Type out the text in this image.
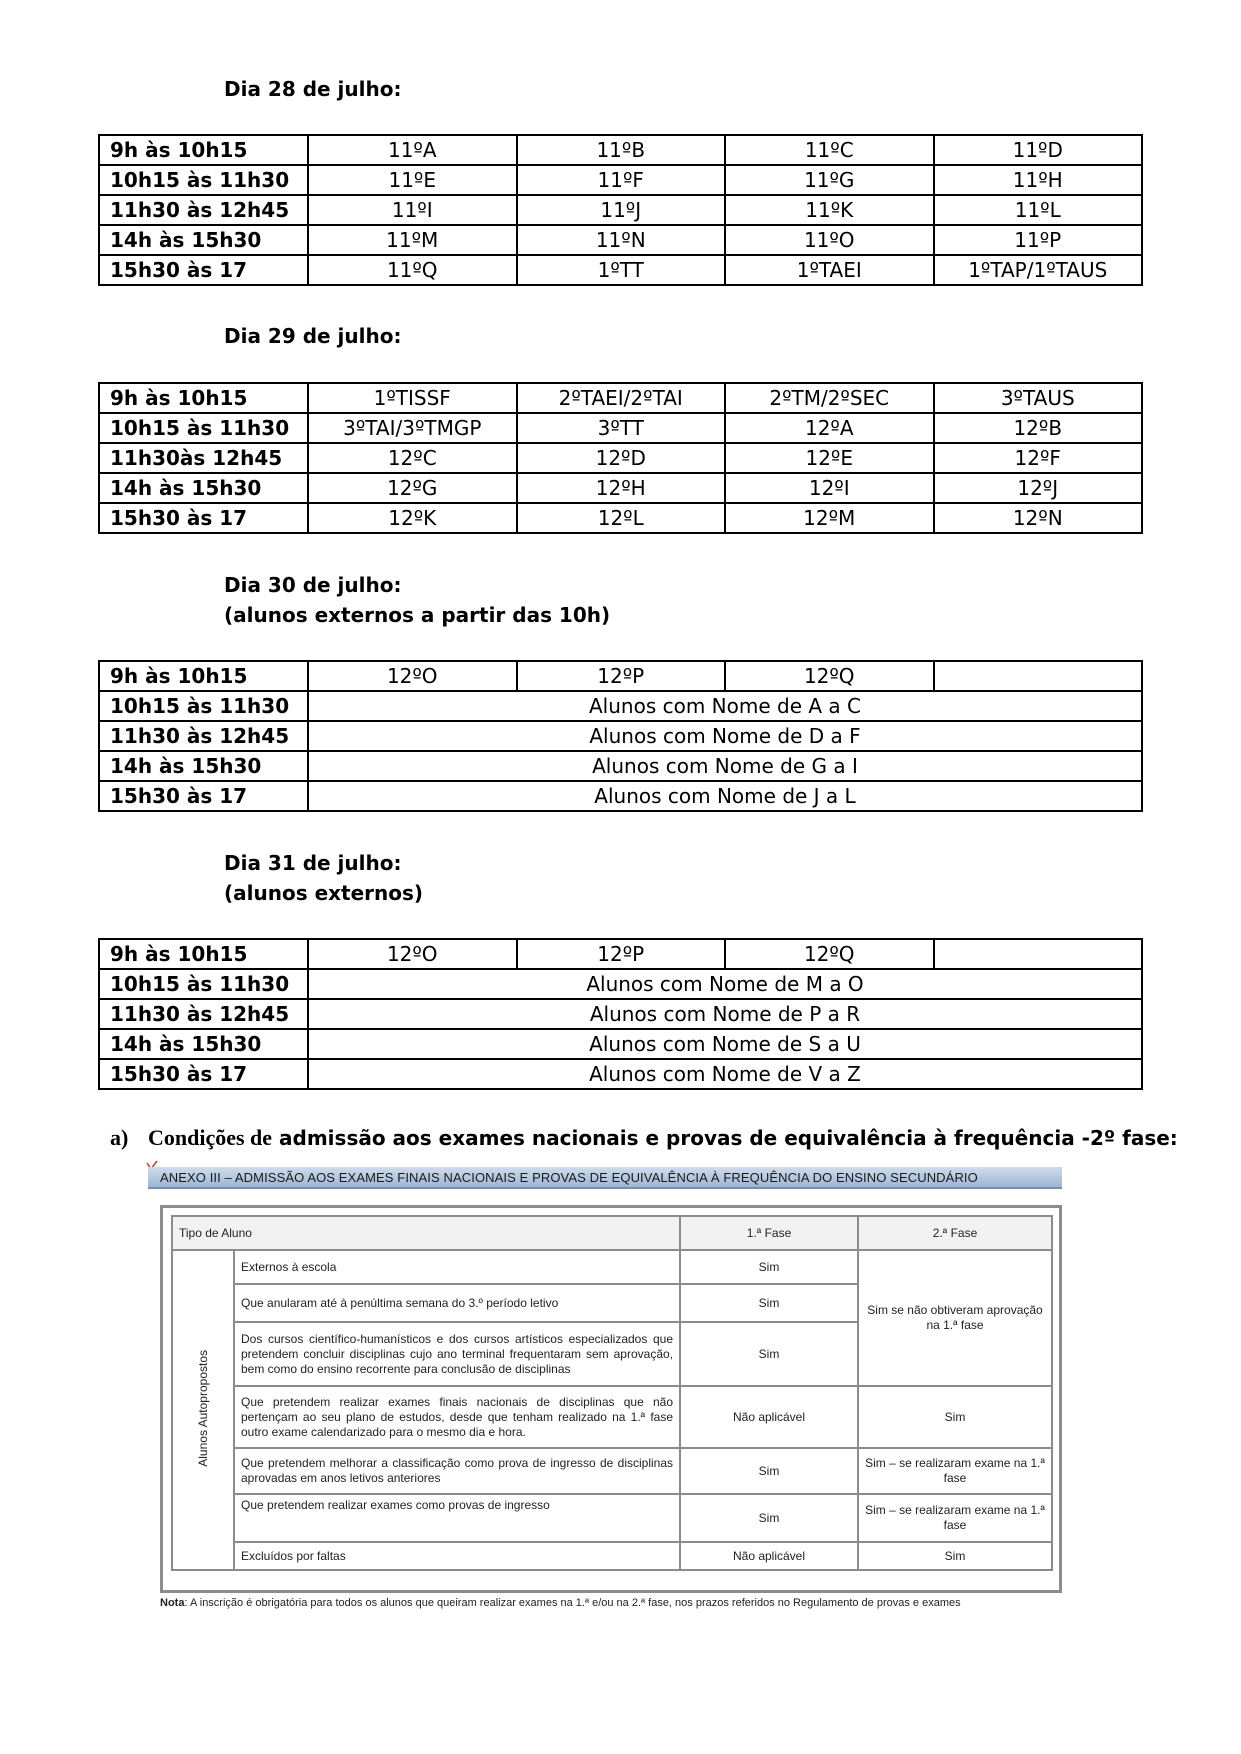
Dia 28 de julho:
9h às 10h15	11ºA	11ºB	11ºC	11ºD
10h15 às 11h30	11ºE	11ºF	11ºG	11ºH
11h30 às 12h45	11ºI	11ºJ	11ºK	11ºL
14h às 15h30	11ºM	11ºN	11ºO	11ºP
15h30 às 17	11ºQ	1ºTT	1ºTAEI	1ºTAP/1ºTAUS
Dia 29 de julho:
9h às 10h15	1ºTISSF	2ºTAEI/2ºTAI	2ºTM/2ºSEC	3ºTAUS
10h15 às 11h30	3ºTAI/3ºTMGP	3ºTT	12ºA	12ºB
11h30às 12h45	12ºC	12ºD	12ºE	12ºF
14h às 15h30	12ºG	12ºH	12ºI	12ºJ
15h30 às 17	12ºK	12ºL	12ºM	12ºN
Dia 30 de julho:
(alunos externos a partir das 10h)
9h às 10h15	12ºO	12ºP	12ºQ	
10h15 às 11h30	Alunos com Nome de A a C			
11h30 às 12h45	Alunos com Nome de D a F			
14h às 15h30	Alunos com Nome de G a I			
15h30 às 17	Alunos com Nome de J a L			
Dia 31 de julho:
(alunos externos)
9h às 10h15	12ºO	12ºP	12ºQ	
10h15 às 11h30	Alunos com Nome de M a O			
11h30 às 12h45	Alunos com Nome de P a R			
14h às 15h30	Alunos com Nome de S a U			
15h30 às 17	Alunos com Nome de V a Z			
a) Condições de admissão aos exames nacionais e provas de equivalência à frequência -2º fase:
ANEXO III – ADMISSÃO AOS EXAMES FINAIS NACIONAIS E PROVAS DE EQUIVALÊNCIA À FREQUÊNCIA DO ENSINO SECUNDÁRIO
Tipo de Aluno		1.ª Fase	2.ª Fase
Alunos Autopropostos	Externos à escola	Sim	Sim se não obtiveram aprovação na 1.ª fase
	Que anularam até à penúltima semana do 3.º período letivo	Sim	
	Dos cursos científico-humanísticos e dos cursos artísticos especializados que pretendem concluir disciplinas cujo ano terminal frequentaram sem aprovação, bem como do ensino recorrente para conclusão de disciplinas	Sim	
	Que pretendem realizar exames finais nacionais de disciplinas que não pertençam ao seu plano de estudos, desde que tenham realizado na 1.ª fase outro exame calendarizado para o mesmo dia e hora.	Não aplicável	Sim
	Que pretendem melhorar a classificação como prova de ingresso de disciplinas aprovadas em anos letivos anteriores	Sim	Sim – se realizaram exame na 1.ª fase
	Que pretendem realizar exames como provas de ingresso	Sim	Sim – se realizaram exame na 1.ª fase
	Excluídos por faltas	Não aplicável	Sim
Nota: A inscrição é obrigatória para todos os alunos que queiram realizar exames na 1.ª e/ou na 2.ª fase, nos prazos referidos no Regulamento de provas e exames
